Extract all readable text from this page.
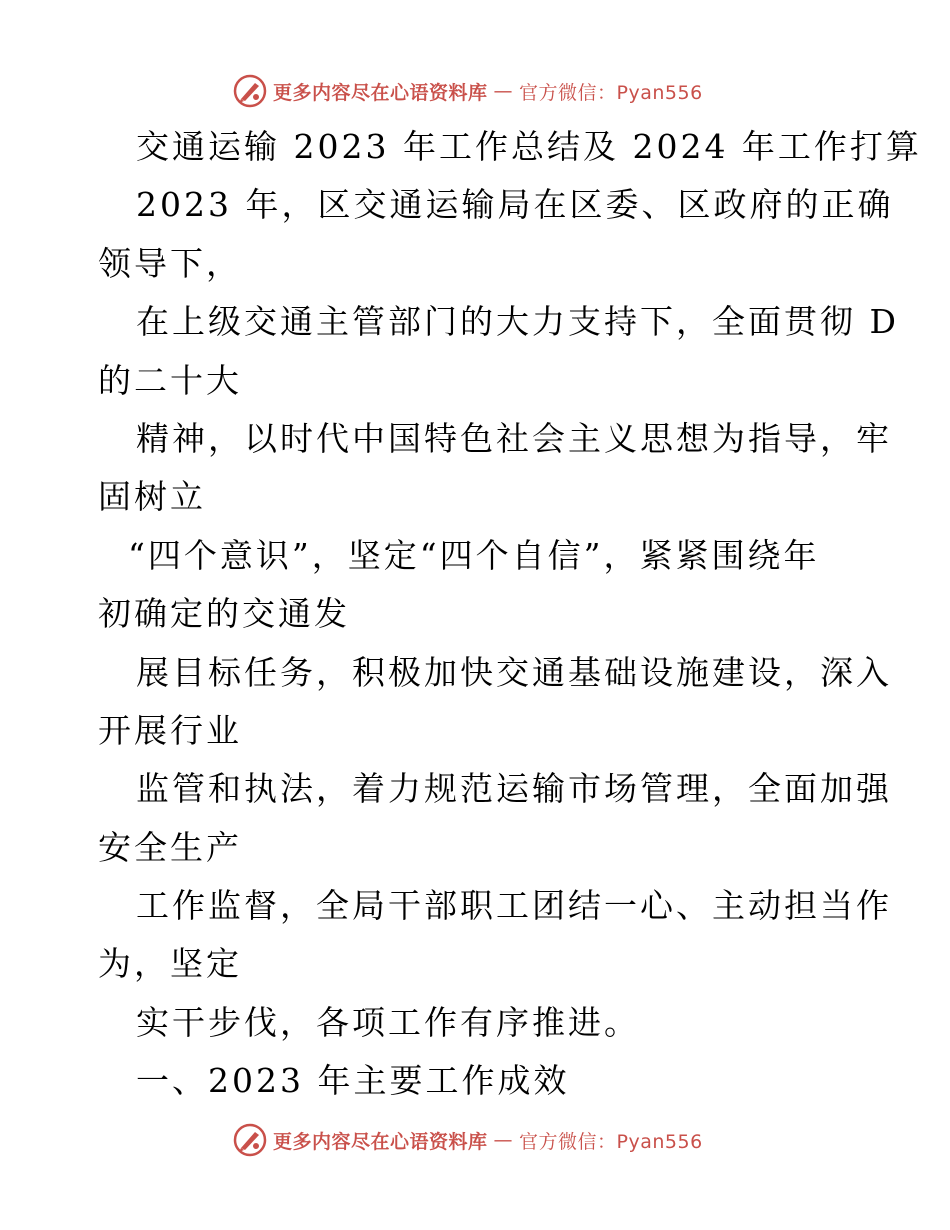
更多内容尽在心语资料库 — 官方微信：Pyan556
交通运输 2023 年工作总结及 2024 年工作打算
2023 年，区交通运输局在区委、区政府的正确
领导下，
在上级交通主管部门的大力支持下，全面贯彻 D
的二十大
精神，以时代中国特色社会主义思想为指导，牢
固树立
“四个意识”，坚定“四个自信”，紧紧围绕年
初确定的交通发
展目标任务，积极加快交通基础设施建设，深入
开展行业
监管和执法，着力规范运输市场管理，全面加强
安全生产
工作监督，全局干部职工团结一心、主动担当作
为，坚定
实干步伐，各项工作有序推进。
一、2023 年主要工作成效
更多内容尽在心语资料库 — 官方微信：Pyan556
